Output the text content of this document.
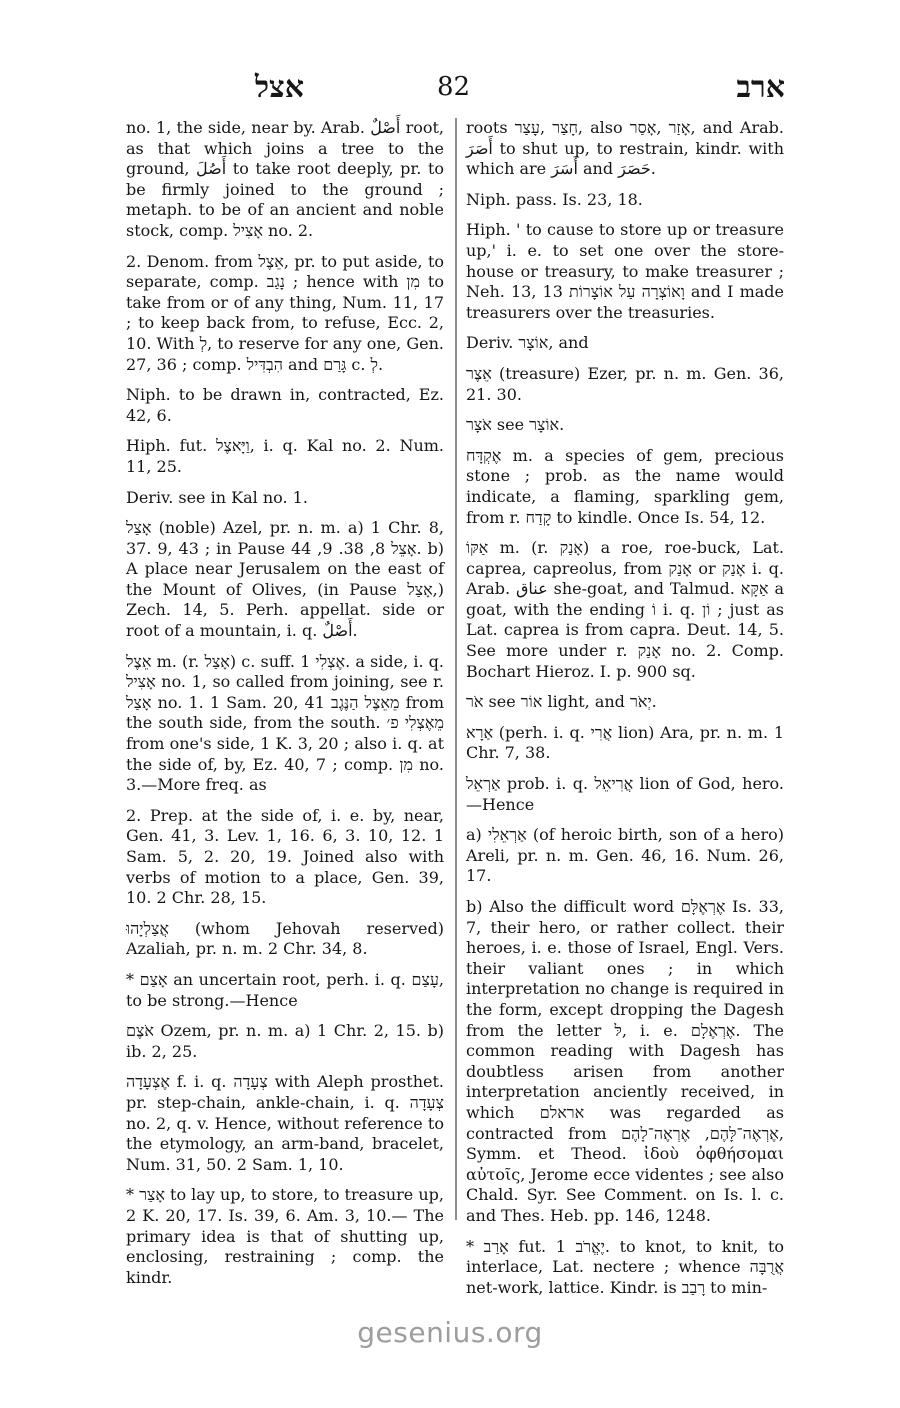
אצל	82	ארב

no. 1, the side, near by. Arab. أَصْلٌ root, as that which joins a tree to the ground, أَصُلَ to take root deeply, pr. to be firmly joined to the ground ; metaph. to be of an ancient and noble stock, comp. אָצִיל no. 2.

2. Denom. from אֵצֶל, pr. to put aside, to separate, comp. נָגַב ; hence with מִן to take from or of any thing, Num. 11, 17 ; to keep back from, to refuse, Ecc. 2, 10. With לְ, to reserve for any one, Gen. 27, 36 ; comp. הִבְדִּיל and גָּרַם c. לְ.

Niph. to be drawn in, contracted, Ez. 42, 6.

Hiph. fut. וַיָּאצֶל, i. q. Kal no. 2. Num. 11, 25.

Deriv. see in Kal no. 1.

אָצַל (noble) Azel, pr. n. m. a) 1 Chr. 8, 37. 9, 43 ; in Pause אָצֵל 8, 38. 9, 44. b) A place near Jerusalem on the east of the Mount of Olives, (in Pause אָצַל,) Zech. 14, 5. Perh. appellat. side or root of a mountain, i. q. أَصْلٌ.

אֵצֶל m. (r. אָצַל) c. suff. אֶצְלִי 1. a side, i. q. אָצִיל no. 1, so called from joining, see r. אָצַל no. 1. 1 Sam. 20, 41 מֵאֵצֶל הַנֶּגֶב from the south side, from the south. מֵאֶצְלִי פ׳ from one's side, 1 K. 3, 20 ; also i. q. at the side of, by, Ez. 40, 7 ; comp. מִן no. 3.—More freq. as

2. Prep. at the side of, i. e. by, near, Gen. 41, 3. Lev. 1, 16. 6, 3. 10, 12. 1 Sam. 5, 2. 20, 19. Joined also with verbs of motion to a place, Gen. 39, 10. 2 Chr. 28, 15.

אֲצַלְיָהוּ (whom Jehovah reserved) Azaliah, pr. n. m. 2 Chr. 34, 8.

* אָצַם an uncertain root, perh. i. q. עָצַם, to be strong.—Hence

אֹצֶם Ozem, pr. n. m. a) 1 Chr. 2, 15. b) ib. 2, 25.

אֶצְעָדָה f. i. q. צְעָדָה with Aleph prosthet. pr. step-chain, ankle-chain, i. q. צְעָדָה no. 2, q. v. Hence, without reference to the etymology, an arm-band, bracelet, Num. 31, 50. 2 Sam. 1, 10.

* אָצַר to lay up, to store, to treasure up, 2 K. 20, 17. Is. 39, 6. Am. 3, 10.— The primary idea is that of shutting up, enclosing, restraining ; comp. the kindr.

roots חָצַר ,עָצַר, also אָזַר ,אָסַר, and Arab. أَصَرَ to shut up, to restrain, kindr. with which are أَسَرَ and حَصَرَ.

Niph. pass. Is. 23, 18.

Hiph. ' to cause to store up or treasure up,' i. e. to set one over the store-house or treasury, to make treasurer ; Neh. 13, 13 וָאוֹצְרָה עַל אוֹצָרוֹת and I made treasurers over the treasuries.

Deriv. אוֹצָר, and

אֵצֶר (treasure) Ezer, pr. n. m. Gen. 36, 21. 30.

אֹצָר see אוֹצָר.

אֶקְדָּח m. a species of gem, precious stone ; prob. as the name would indicate, a flaming, sparkling gem, from r. קָדַח to kindle. Once Is. 54, 12.

אַקּוֹ m. (r. אָנַק) a roe, roe-buck, Lat. caprea, capreolus, from אָנַק or אָנַק i. q. Arab. عناق she-goat, and Talmud. אַקָּא a goat, with the ending וֹ i. q. וֹן ; just as Lat. caprea is from capra. Deut. 14, 5. See more under r. אָנַק no. 2. Comp. Bochart Hieroz. I. p. 900 sq.

אֹר see אוֹר light, and יְאֹר.

אַרָא (perh. i. q. אֲרִי lion) Ara, pr. n. m. 1 Chr. 7, 38.

אַרְאֵל prob. i. q. אֲרִיאֵל lion of God, hero.—Hence

a) אַרְאֵלִי (of heroic birth, son of a hero) Areli, pr. n. m. Gen. 46, 16. Num. 26, 17.

b) Also the difficult word אֶרְאֶלָּם Is. 33, 7, their hero, or rather collect. their heroes, i. e. those of Israel, Engl. Vers. their valiant ones ; in which interpretation no change is required in the form, except dropping the Dagesh from the letter לּ, i. e. אֶרְאֶלָם. The common reading with Dagesh has doubtless arisen from another interpretation anciently received, in which אראלם was regarded as contracted from אֶרְאֶה־לָּהֶם, אֶרְאֶה־לָהֶם, Symm. et Theod. ἰδοὺ ὀφθήσομαι αὐτοῖς, Jerome ecce videntes ; see also Chald. Syr. See Comment. on Is. l. c. and Thes. Heb. pp. 146, 1248.

* אָרַב fut. יֶאֱרֹב 1. to knot, to knit, to interlace, Lat. nectere ; whence אֲרֻבָּה net-work, lattice. Kindr. is רָבַב to min-

gesenius.org
